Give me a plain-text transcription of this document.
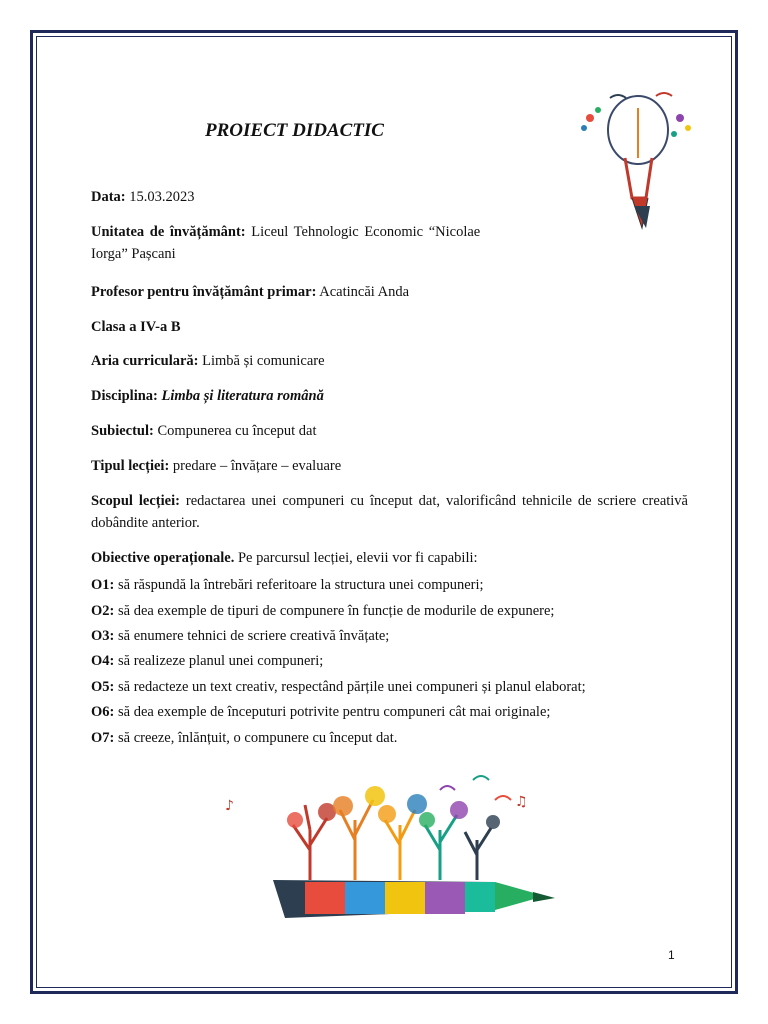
PROIECT DIDACTIC
Data: 15.03.2023
Unitatea de învățământ: Liceul Tehnologic Economic “Nicolae
Iorga” Pașcani
Profesor pentru învățământ primar: Acatincăi Anda
Clasa a IV-a B
Aria curriculară: Limbă și comunicare
Disciplina: Limba și literatura română
Subiectul: Compunerea cu început dat
Tipul lecției: predare – învățare – evaluare
Scopul lecției: redactarea unei compuneri cu început dat, valorificând tehnicile de scriere creativă dobândite anterior.
Obiective operaționale. Pe parcursul lecției, elevii vor fi capabili:
O1: să răspundă la întrebări referitoare la structura unei compuneri;
O2: să dea exemple de tipuri de compunere în funcție de modurile de expunere;
O3: să enumere tehnici de scriere creativă învățate;
O4: să realizeze planul unei compuneri;
O5: să redacteze un text creativ, respectând părțile unei compuneri și planul elaborat;
O6: să dea exemple de începuturi potrivite pentru compuneri cât mai originale;
O7: să creeze, înlănțuit, o compunere cu început dat.
♪	♫
1
